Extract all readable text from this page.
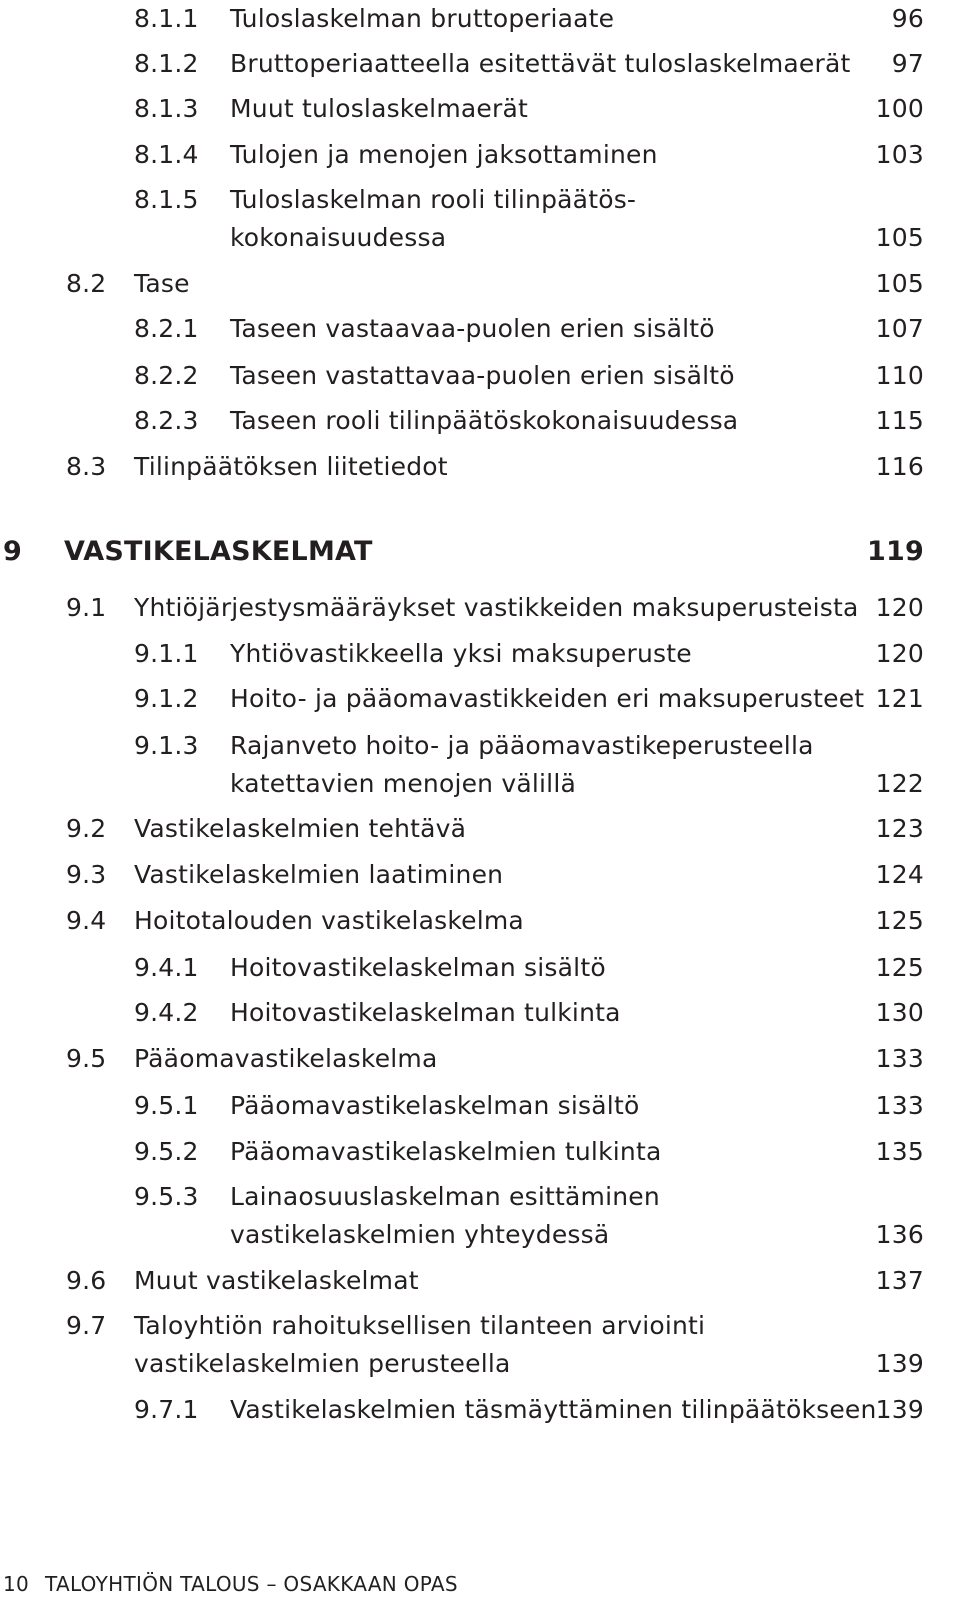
8.1.1 Tuloslaskelman bruttoperiaate	96
8.1.2 Bruttoperiaatteella esitettävät tuloslaskelmaerät 97
8.1.3 Muut tuloslaskelmaerät	100
8.1.4 Tulojen ja menojen jaksottaminen	103
8.1.5 Tuloslaskelman rooli tilinpäätös-
kokonaisuudessa	105
8.2 Tase	105
8.2.1 Taseen vastaavaa-puolen erien sisältö	107
8.2.2 Taseen vastattavaa-puolen erien sisältö	110
8.2.3 Taseen rooli tilinpäätöskokonaisuudessa	115
8.3 Tilinpäätöksen liitetiedot	116
9 VASTIKELASKELMAT	119
9.1 Yhtiöjärjestysmääräykset vastikkeiden maksuperusteista 120
9.1.1 Yhtiövastikkeella yksi maksuperuste	120
9.1.2 Hoito- ja pääomavastikkeiden eri maksuperusteet 121
9.1.3 Rajanveto hoito- ja pääomavastikeperusteella
katettavien menojen välillä	122
9.2 Vastikelaskelmien tehtävä	123
9.3 Vastikelaskelmien laatiminen	124
9.4 Hoitotalouden vastikelaskelma	125
9.4.1 Hoitovastikelaskelman sisältö	125
9.4.2 Hoitovastikelaskelman tulkinta	130
9.5 Pääomavastikelaskelma	133
9.5.1 Pääomavastikelaskelman sisältö	133
9.5.2 Pääomavastikelaskelmien tulkinta	135
9.5.3 Lainaosuuslaskelman esittäminen
vastikelaskelmien yhteydessä	136
9.6 Muut vastikelaskelmat	137
9.7 Taloyhtiön rahoituksellisen tilanteen arviointi
vastikelaskelmien perusteella	139
9.7.1 Vastikelaskelmien täsmäyttäminen tilinpäätökseen 139
10 TALOYHTIÖN TALOUS – OSAKKAAN OPAS
